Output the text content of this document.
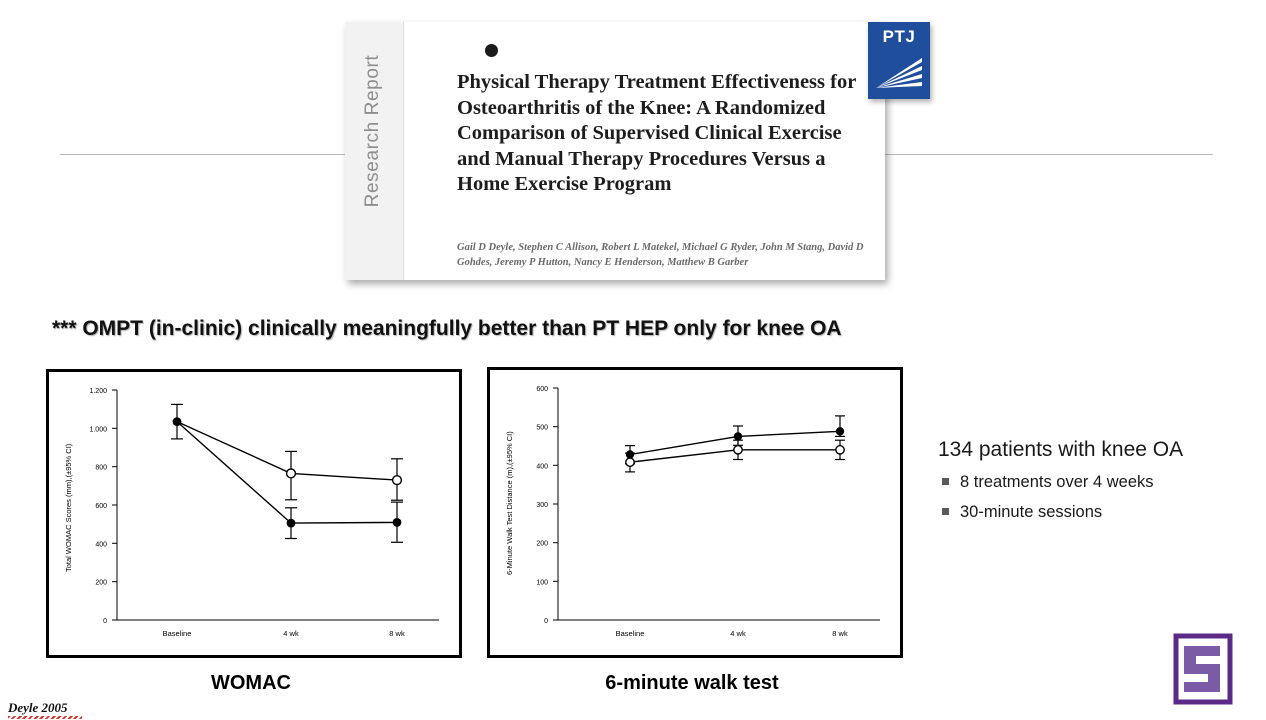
Research Report	Physical Therapy Treatment Effectiveness for Osteoarthritis of the Knee: A Randomized Comparison of Supervised Clinical Exercise and Manual Therapy Procedures Versus a Home Exercise Program
Gail D Deyle, Stephen C Allison, Robert L Matekel, Michael G Ryder, John M Stang, David D Gohdes, Jeremy P Hutton, Nancy E Henderson, Matthew B Garber
PTJ
*** OMPT (in-clinic) clinically meaningfully better than PT HEP only for knee OA
Total WOMAC Scores (mm),(±95% CI)
1.200
1.000
800
600
400
200
0
Baseline	4 wk	8 wk
6-Minute Walk Test Distance (m),(±95% CI)
600
500
400
300
200
100
0
Baseline	4 wk	8 wk
WOMAC	6-minute walk test
134 patients with knee OA
8 treatments over 4 weeks
30-minute sessions
Deyle 2005
